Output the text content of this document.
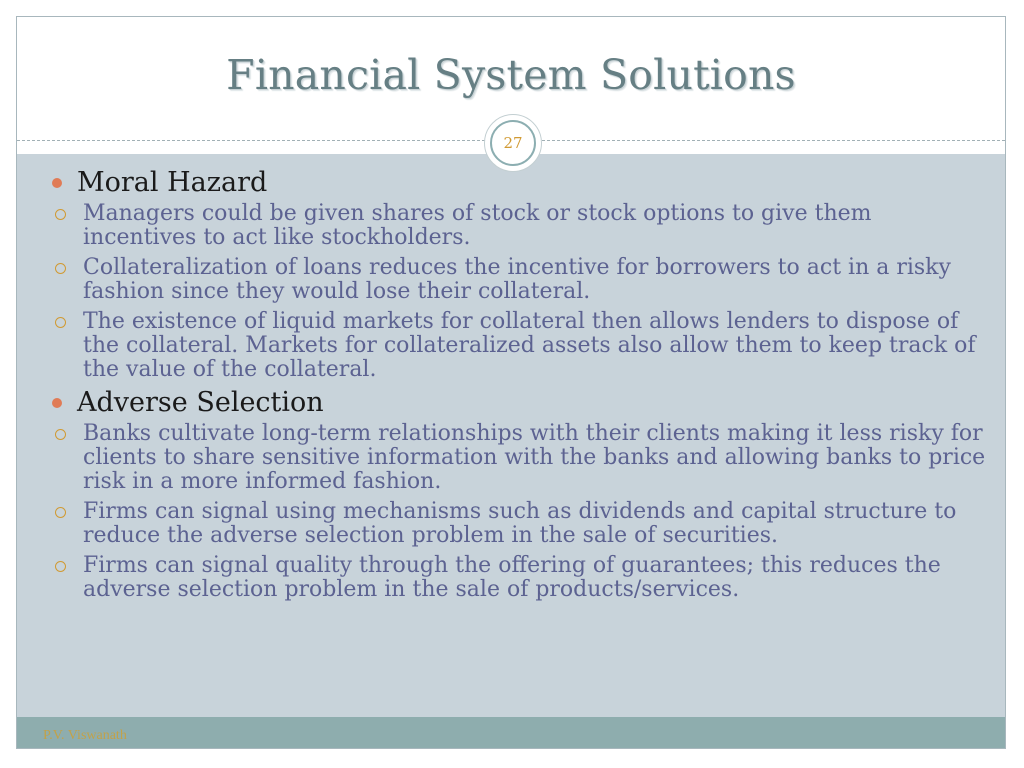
Financial System Solutions
27
Moral Hazard
Managers could be given shares of stock or stock options to give them incentives to act like stockholders.
Collateralization of loans reduces the incentive for borrowers to act in a risky fashion since they would lose their collateral.
The existence of liquid markets for collateral then allows lenders to dispose of the collateral. Markets for collateralized assets also allow them to keep track of the value of the collateral.
Adverse Selection
Banks cultivate long-term relationships with their clients making it less risky for clients to share sensitive information with the banks and allowing banks to price risk in a more informed fashion.
Firms can signal using mechanisms such as dividends and capital structure to reduce the adverse selection problem in the sale of securities.
Firms can signal quality through the offering of guarantees; this reduces the adverse selection problem in the sale of products/services.
P.V. Viswanath
